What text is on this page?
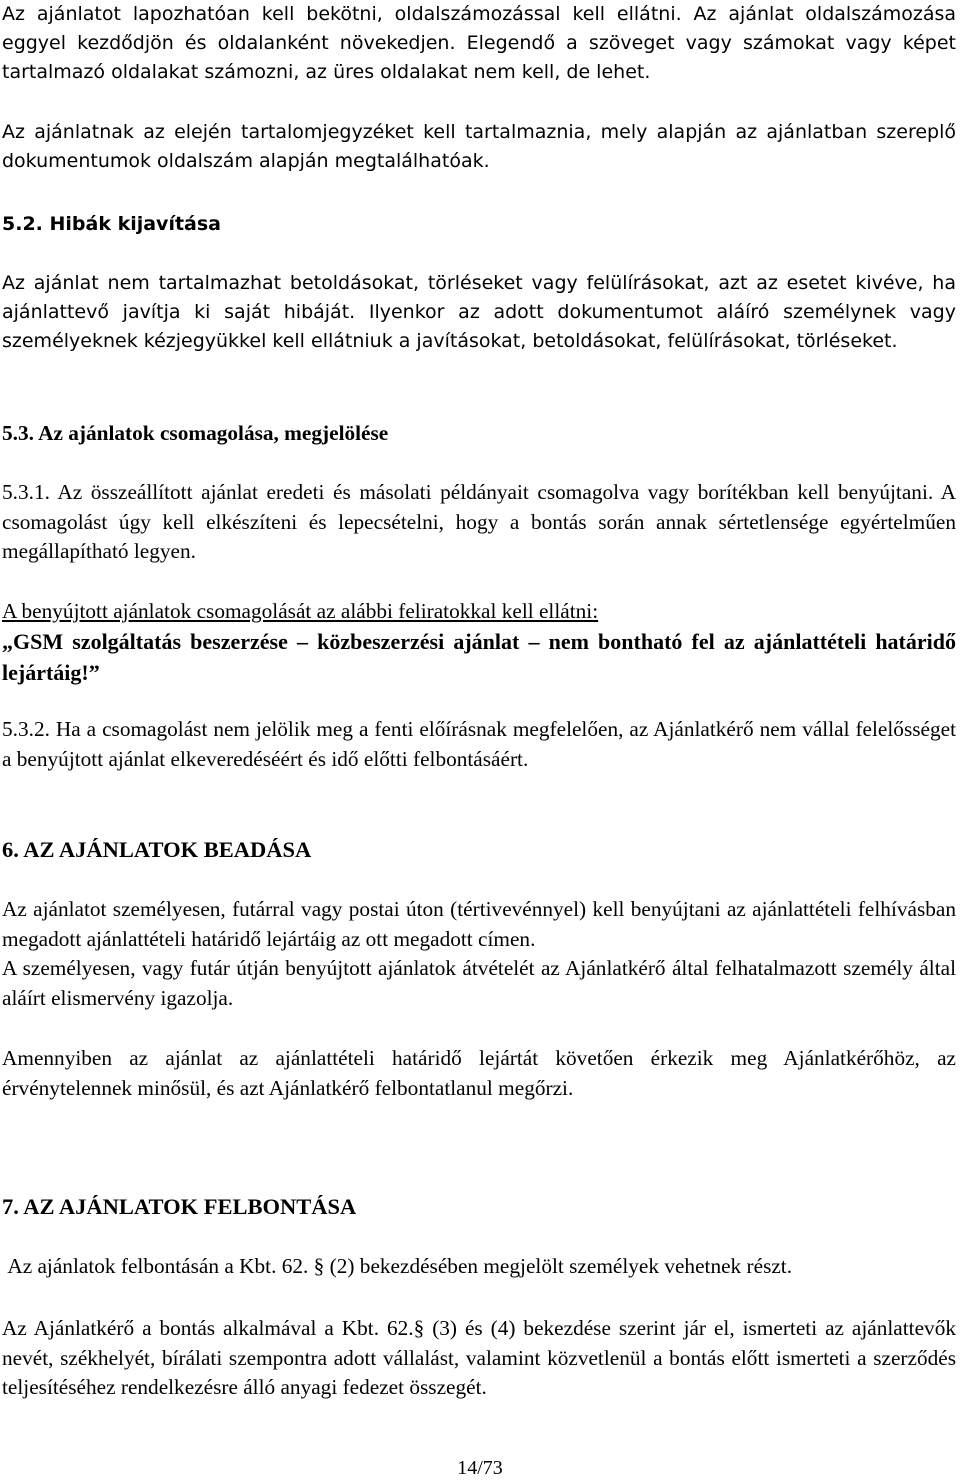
Az ajánlatot lapozhatóan kell bekötni, oldalszámozással kell ellátni. Az ajánlat oldalszámozása eggyel kezdődjön és oldalanként növekedjen. Elegendő a szöveget vagy számokat vagy képet tartalmazó oldalakat számozni, az üres oldalakat nem kell, de lehet.
Az ajánlatnak az elején tartalomjegyzéket kell tartalmaznia, mely alapján az ajánlatban szereplő dokumentumok oldalszám alapján megtalálhatóak.
5.2. Hibák kijavítása
Az ajánlat nem tartalmazhat betoldásokat, törléseket vagy felülírásokat, azt az esetet kivéve, ha ajánlattevő javítja ki saját hibáját. Ilyenkor az adott dokumentumot aláíró személynek vagy személyeknek kézjegyükkel kell ellátniuk a javításokat, betoldásokat, felülírásokat, törléseket.
5.3. Az ajánlatok csomagolása, megjelölése
5.3.1. Az összeállított ajánlat eredeti és másolati példányait csomagolva vagy borítékban kell benyújtani. A csomagolást úgy kell elkészíteni és lepecsételni, hogy a bontás során annak sértetlensége egyértelműen megállapítható legyen.
A benyújtott ajánlatok csomagolását az alábbi feliratokkal kell ellátni:
„GSM szolgáltatás beszerzése – közbeszerzési ajánlat – nem bontható fel az ajánlattételi határidő lejártáig!”
5.3.2. Ha a csomagolást nem jelölik meg a fenti előírásnak megfelelően, az Ajánlatkérő nem vállal felelősséget a benyújtott ajánlat elkeveredéséért és idő előtti felbontásáért.
6. AZ AJÁNLATOK BEADÁSA
Az ajánlatot személyesen, futárral vagy postai úton (tértivevénnyel) kell benyújtani az ajánlattételi felhívásban megadott ajánlattételi határidő lejártáig az ott megadott címen.
A személyesen, vagy futár útján benyújtott ajánlatok átvételét az Ajánlatkérő által felhatalmazott személy által aláírt elismervény igazolja.
Amennyiben az ajánlat az ajánlattételi határidő lejártát követően érkezik meg Ajánlatkérőhöz, az érvénytelennek minősül, és azt Ajánlatkérő felbontatlanul megőrzi.
7. AZ AJÁNLATOK FELBONTÁSA
Az ajánlatok felbontásán a Kbt. 62. § (2) bekezdésében megjelölt személyek vehetnek részt.
Az Ajánlatkérő a bontás alkalmával a Kbt. 62.§ (3) és (4) bekezdése szerint jár el, ismerteti az ajánlattevők nevét, székhelyét, bírálati szempontra adott vállalást, valamint közvetlenül a bontás előtt ismerteti a szerződés teljesítéséhez rendelkezésre álló anyagi fedezet összegét.
14/73
